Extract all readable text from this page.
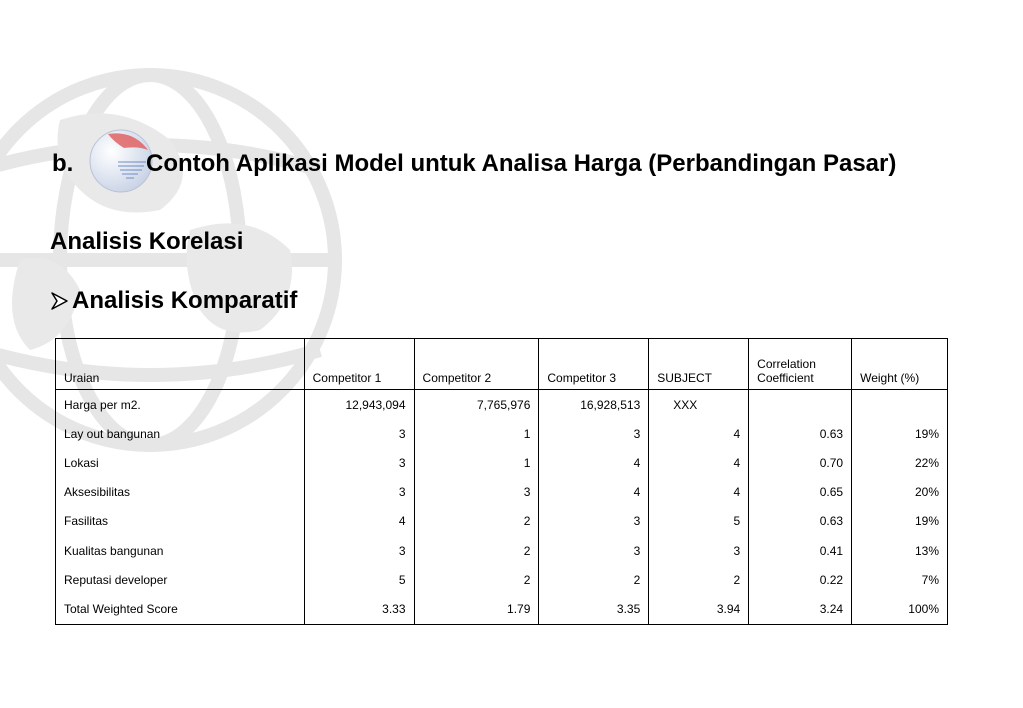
b.	Contoh Aplikasi Model untuk Analisa Harga (Perbandingan Pasar)
Analisis Korelasi
Analisis Komparatif
Uraian	Competitor 1	Competitor 2	Competitor 3	SUBJECT	Correlation Coefficient	Weight (%)
Harga per m2.	12,943,094	7,765,976	16,928,513	XXX		
Lay out bangunan	3	1	3	4	0.63	19%
Lokasi	3	1	4	4	0.70	22%
Aksesibilitas	3	3	4	4	0.65	20%
Fasilitas	4	2	3	5	0.63	19%
Kualitas bangunan	3	2	3	3	0.41	13%
Reputasi developer	5	2	2	2	0.22	7%
Total Weighted Score	3.33	1.79	3.35	3.94	3.24	100%
